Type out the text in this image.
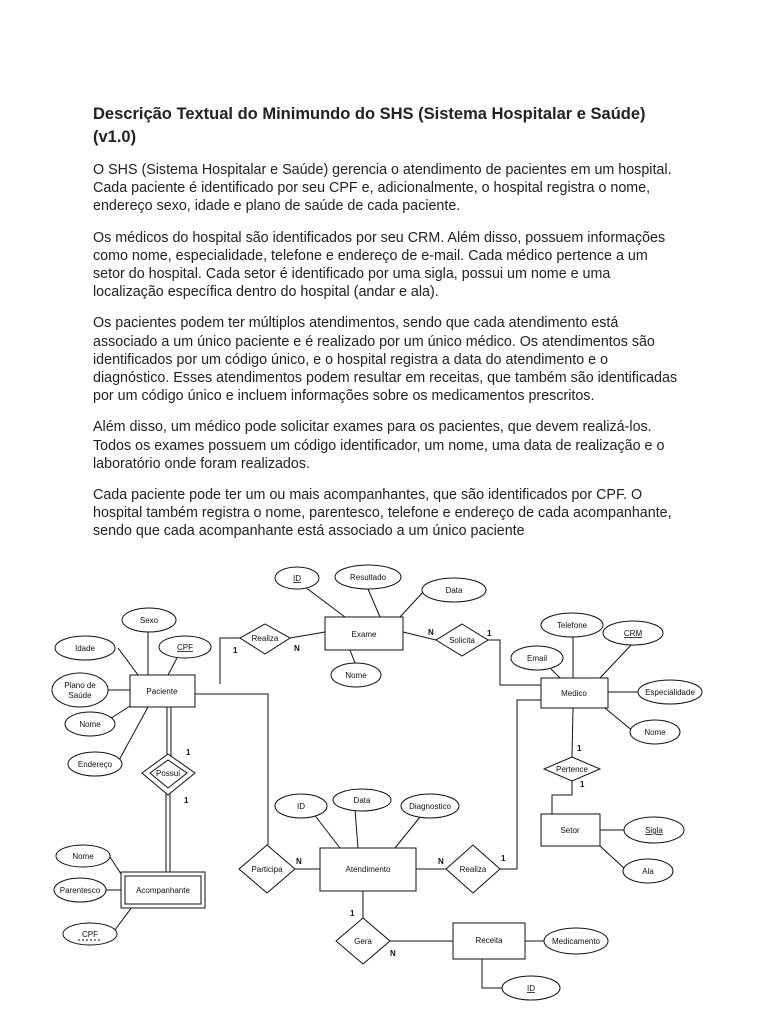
Descrição Textual do Minimundo do SHS (Sistema Hospitalar e Saúde) (v1.0)

O SHS (Sistema Hospitalar e Saúde) gerencia o atendimento de pacientes em um hospital. Cada paciente é identificado por seu CPF e, adicionalmente, o hospital registra o nome, endereço sexo, idade e plano de saúde de cada paciente.

Os médicos do hospital são identificados por seu CRM. Além disso, possuem informações como nome, especialidade, telefone e endereço de e-mail. Cada médico pertence a um setor do hospital. Cada setor é identificado por uma sigla, possui um nome e uma localização específica dentro do hospital (andar e ala).

Os pacientes podem ter múltiplos atendimentos, sendo que cada atendimento está associado a um único paciente e é realizado por um único médico. Os atendimentos são identificados por um código único, e o hospital registra a data do atendimento e o diagnóstico. Esses atendimentos podem resultar em receitas, que também são identificadas por um código único e incluem informações sobre os medicamentos prescritos.

Além disso, um médico pode solicitar exames para os pacientes, que devem realizá-los. Todos os exames possuem um código identificador, um nome, uma data de realização e o laboratório onde foram realizados.

Cada paciente pode ter um ou mais acompanhantes, que são identificados por CPF. O hospital também registra o nome, parentesco, telefone e endereço de cada acompanhante, sendo que cada acompanhante está associado a um único paciente

Exame
Paciente	Medico
Setor
Atendimento
Acompanhante
Receita
Realiza	Solicita
Possui	Pertence
Participa	Realiza
Gera
ID	Resultado
Data
Nome
Sexo
Idade	CPF
Plano de
Saúde
Nome
Endereço
Telefone
CRM
Email
Especialidade
Nome
Sigla
Ala
ID
Data
Diagnostico
Nome
Parentesco
CPF
Medicamento
ID
1	N
N	1
1
1
1
1
N	N	1
1
N
